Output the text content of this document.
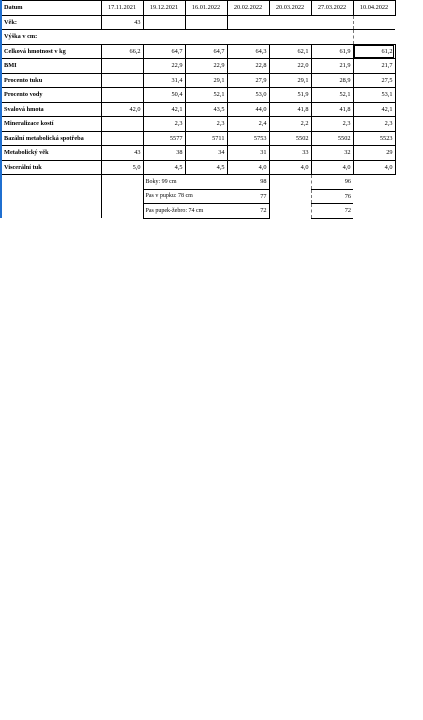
Datum	17.11.2021	19.12.2021	16.01.2022	20.02.2022	20.03.2022	27.03.2022	10.04.2022
Věk:	43						
Výška v cm:							
Celková hmotnost v kg	66,2	64,7	64,7	64,3	62,1	61,9	61,2
BMI		22,9	22,9	22,8	22,0	21,9	21,7
Procento tuku		31,4	29,1	27,9	29,1	28,9	27,5
Procento vody		50,4	52,1	53,0	51,9	52,1	53,1
Svalová hmota	42,0	42,1	43,5	44,0	41,8	41,8	42,1
Mineralizace kostí		2,3	2,3	2,4	2,2	2,3	2,3
Bazální metabolická spotřeba		5577	5711	5753	5502	5502	5523
Metabolický věk	43	38	34	31	33	32	29
Viscerální tuk	5,0	4,5	4,5	4,0	4,0	4,0	4,0
		Boky: 99 cm		98		96
		Pas v pupku: 78 cm		77		76	
		Pas pupek-žebro: 74 cm		72		72	
